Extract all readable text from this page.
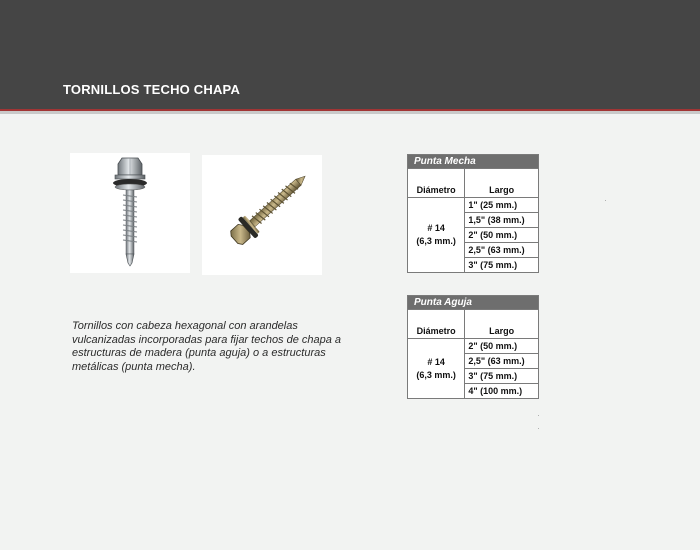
TORNILLOS TECHO CHAPA

Tornillos con cabeza hexagonal con arandelas vulcanizadas incorporadas para fijar techos de chapa a estructuras de madera (punta aguja) o a estructuras metálicas (punta mecha).

Punta Mecha	
Diámetro	Largo
# 14
(6,3 mm.)	1" (25 mm.)
	1,5" (38 mm.)
	2" (50 mm.)
	2,5" (63 mm.)
	3" (75 mm.)
Punta Aguja	
Diámetro	Largo
# 14
(6,3 mm.)	2" (50 mm.)
	2,5" (63 mm.)
	3" (75 mm.)
	4" (100 mm.)
